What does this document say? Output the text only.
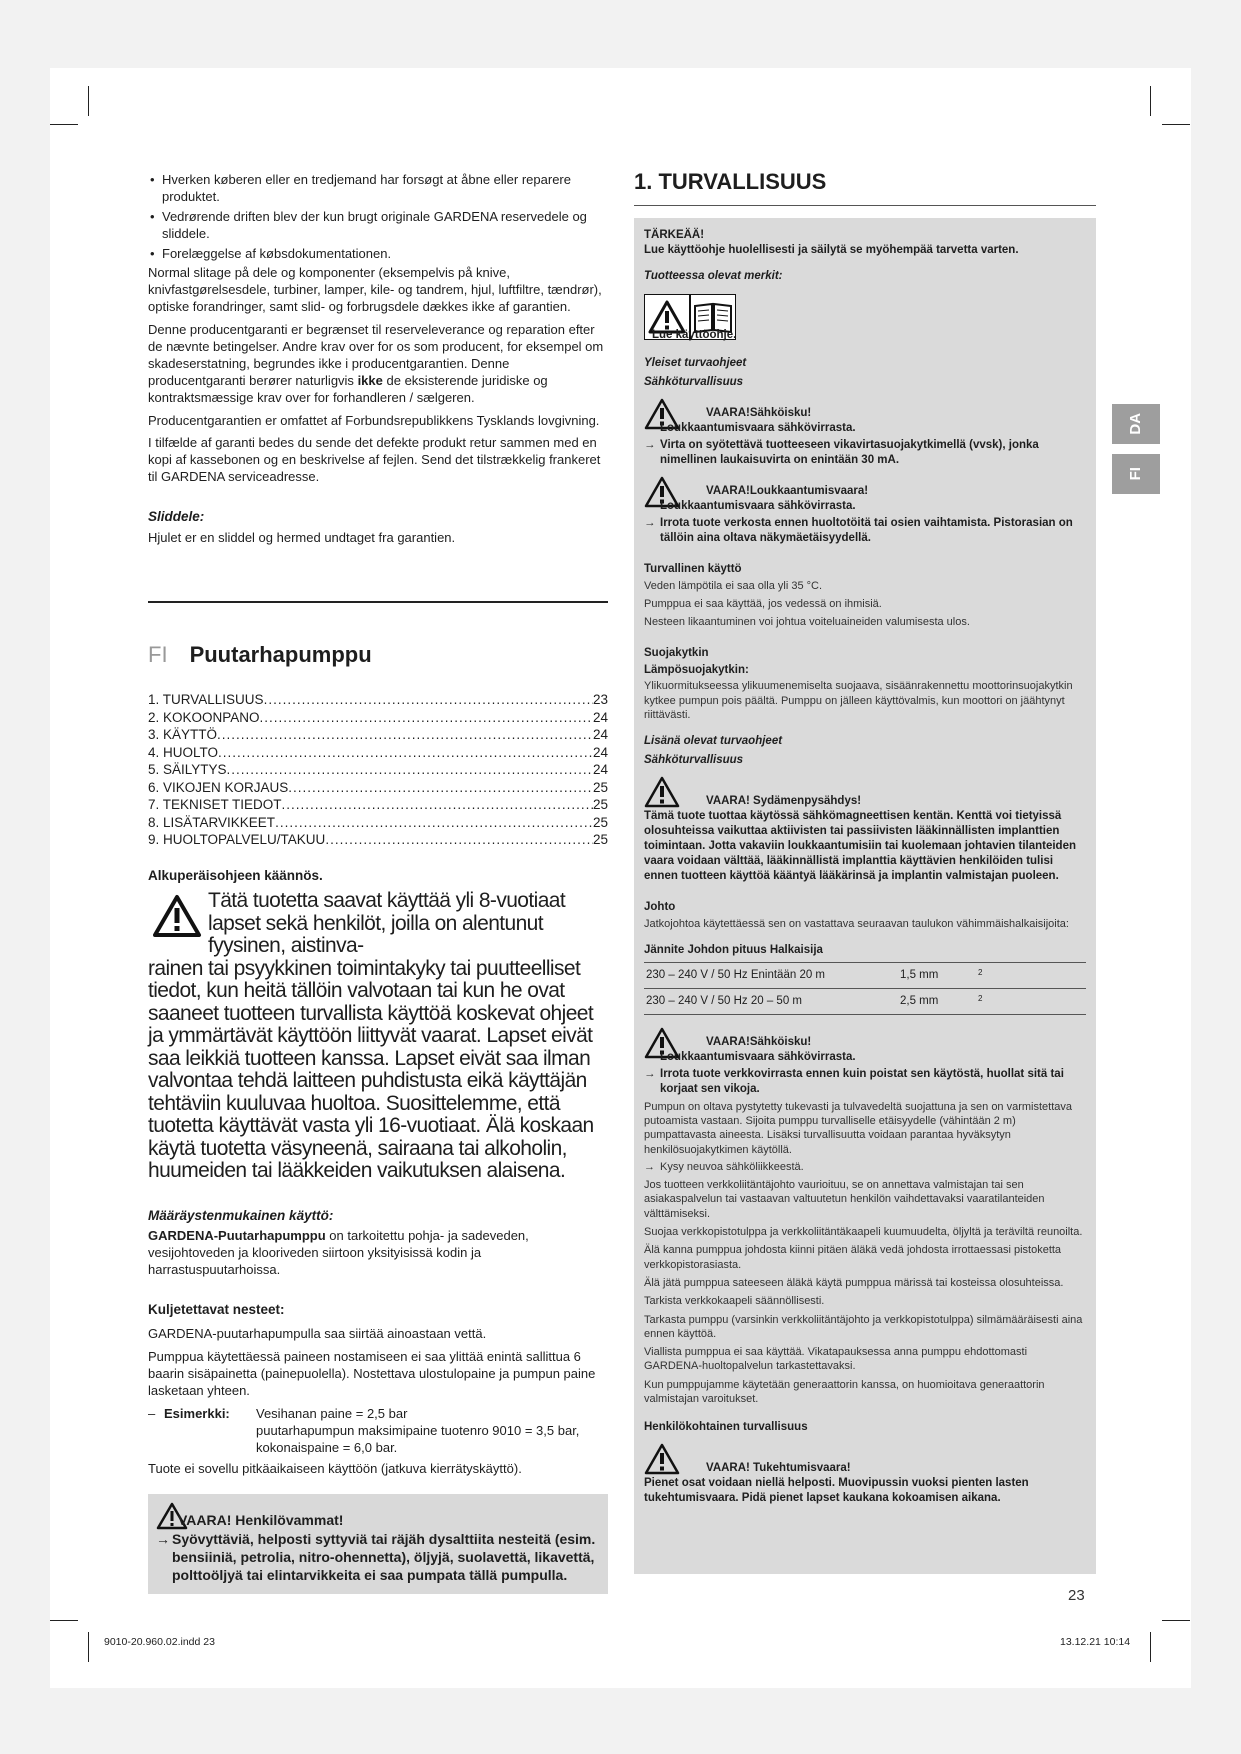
• Hverken køberen eller en tredjemand har forsøgt at åbne eller reparere produktet.
• Vedrørende driften blev der kun brugt originale GARDENA reservedele og sliddele.
• Forelæggelse af købsdokumentationen.

Normal slitage på dele og komponenter (eksempelvis på knive, knivfastgørelsesdele, turbiner, lamper, kile- og tandrem, hjul, luftfiltre, tændrør), optiske forandringer, samt slid- og forbrugsdele dækkes ikke af garantien.

Denne producentgaranti er begrænset til reserveleverance og reparation efter de nævnte betingelser. Andre krav over for os som producent, for eksempel om skadeserstatning, begrundes ikke i producentgarantien. Denne producentgaranti berører naturligvis ikke de eksisterende juridiske og kontraktsmæssige krav over for forhandleren / sælgeren.

Producentgarantien er omfattet af Forbundsrepublikkens Tysklands lovgivning.

I tilfælde af garanti bedes du sende det defekte produkt retur sammen med en kopi af kassebonen og en beskrivelse af fejlen. Send det tilstrækkelig frankeret til GARDENA serviceadresse.

Sliddele:

Hjulet er en sliddel og hermed undtaget fra garantien.

FI Puutarhapumppu
1. TURVALLISUUS .....	23
2. KOKOONPANO .....	24
3. KÄYTTÖ .....	24
4. HUOLTO .....	24
5. SÄILYTYS .....	24
6. VIKOJEN KORJAUS .....	25
7. TEKNISET TIEDOT .....	25
8. LISÄTARVIKKEET .....	25
9. HUOLTOPALVELU/TAKUU .....	25
Alkuperäisohjeen käännös.
Tätä tuotetta saavat käyttää yli 8-vuotiaat lapset sekä henkilöt, joilla on alentunut fyysinen, aistinva-
rainen tai psyykkinen toimintakyky tai puutteelliset tiedot, kun heitä tällöin valvotaan tai kun he ovat saaneet tuotteen turvallista käyttöä koskevat ohjeet ja ymmärtävät käyttöön liittyvät vaarat. Lapset eivät saa leikkiä tuotteen kanssa. Lapset eivät saa ilman valvontaa tehdä laitteen puhdistusta eikä käyttäjän tehtäviin kuuluvaa huoltoa. Suosittelemme, että tuotetta käyttävät vasta yli 16-vuotiaat. Älä koskaan käytä tuotetta väsyneenä, sairaana tai alkoholin, huumeiden tai lääkkeiden vaikutuksen alaisena.
Määräystenmukainen käyttö:

GARDENA-Puutarhapumppu on tarkoitettu pohja- ja sadeveden, vesijohtoveden ja klooriveden siirtoon yksityisissä kodin ja harrastuspuutarhoissa.

Kuljetettavat nesteet:

GARDENA-puutarhapumpulla saa siirtää ainoastaan vettä.

Pumppua käytettäessä paineen nostamiseen ei saa ylittää enintä sallittua 6 baarin sisäpainetta (painepuolella). Nostettava ulostulopaine ja pumpun paine lasketaan yhteen.

– Esimerkki:	Vesihanan paine = 2,5 bar
puutarhapumpun maksimipaine tuotenro 9010 = 3,5 bar,
kokonaispaine = 6,0 bar.

Tuote ei sovellu pitkäaikaiseen käyttöön (jatkuva kierrätyskäyttö).

VAARA! Henkilövammat!
→ Syövyttäviä, helposti syttyviä tai räjäh dysalttiita nesteitä (esim. bensiiniä, petrolia, nitro-ohennetta), öljyjä, suolavettä, likavettä, polttoöljyä tai elintarvikkeita ei saa pumpata tällä pumpulla.
1. TURVALLISUUS
TÄRKEÄÄ!
Lue käyttöohje huolellisesti ja säilytä se myöhempää tarvetta varten.
Tuotteessa olevat merkit:
Lue käyttöohje.
Yleiset turvaohjeet
Sähköturvallisuus
VAARA!Sähköisku!
Loukkaantumisvaara sähkövirrasta.
→ Virta on syötettävä tuotteeseen vikavirtasuojakytkimellä (vvsk), jonka nimellinen laukaisuvirta on enintään 30 mA.
VAARA!Loukkaantumisvaara!
Loukkaantumisvaara sähkövirrasta.
→ Irrota tuote verkosta ennen huoltotöitä tai osien vaihtamista. Pistorasian on tällöin aina oltava näkymäetäisyydellä.
Turvallinen käyttö
Veden lämpötila ei saa olla yli 35 °C.
Pumppua ei saa käyttää, jos vedessä on ihmisiä.
Nesteen likaantuminen voi johtua voiteluaineiden valumisesta ulos.
Suojakytkin
Lämpösuojakytkin:
Ylikuormitukseessa ylikuumenemiselta suojaava, sisäänrakennettu moottorinsuojakytkin kytkee pumpun pois päältä. Pumppu on jälleen käyttövalmis, kun moottori on jäähtynyt riittävästi.
Lisänä olevat turvaohjeet
Sähköturvallisuus
VAARA! Sydämenpysähdys!
Tämä tuote tuottaa käytössä sähkömagneettisen kentän. Kenttä voi tietyissä olosuhteissa vaikuttaa aktiivisten tai passiivisten lääkinnällisten implanttien toimintaan. Jotta vakaviin loukkaantumisiin tai kuolemaan johtavien tilanteiden vaara voidaan välttää, lääkinnällistä implanttia käyttävien henkilöiden tulisi ennen tuotteen käyttöä kääntyä lääkärinsä ja implantin valmistajan puoleen.
Johto
Jatkojohtoa käytettäessä sen on vastattava seuraavan taulukon vähimmäishalkaisijoita:
Jännite Johdon pituus Halkaisija
230 – 240 V / 50 Hz Enintään 20 m	1,5 mm	2
230 – 240 V / 50 Hz 20 – 50 m	2,5 mm	2
VAARA!Sähköisku!
Loukkaantumisvaara sähkövirrasta.
→ Irrota tuote verkkovirrasta ennen kuin poistat sen käytöstä, huollat sitä tai korjaat sen vikoja.
Pumpun on oltava pystytetty tukevasti ja tulvavedeltä suojattuna ja sen on varmistettava putoamista vastaan. Sijoita pumppu turvalliselle etäisyydelle (vähintään 2 m) pumpattavasta aineesta. Lisäksi turvallisuutta voidaan parantaa hyväksytyn henkilösuojakytkimen käytöllä.
→ Kysy neuvoa sähköliikkeestä.
Jos tuotteen verkkoliitäntäjohto vaurioituu, se on annettava valmistajan tai sen asiakaspalvelun tai vastaavan valtuutetun henkilön vaihdettavaksi vaaratilanteiden välttämiseksi.
Suojaa verkkopistotulppa ja verkkoliitäntäkaapeli kuumuudelta, öljyltä ja teräviltä reunoilta.
Älä kanna pumppua johdosta kiinni pitäen äläkä vedä johdosta irrottaessasi pistoketta verkkopistorasiasta.
Älä jätä pumppua sateeseen äläkä käytä pumppua märissä tai kosteissa olosuhteissa.
Tarkista verkkokaapeli säännöllisesti.
Tarkasta pumppu (varsinkin verkkoliitäntäjohto ja verkkopistotulppa) silmämääräisesti aina ennen käyttöä.
Viallista pumppua ei saa käyttää. Vikatapauksessa anna pumppu ehdottomasti GARDENA-huoltopalvelun tarkastettavaksi.
Kun pumppujamme käytetään generaattorin kanssa, on huomioitava generaattorin valmistajan varoitukset.
Henkilökohtainen turvallisuus
VAARA! Tukehtumisvaara!
Pienet osat voidaan niellä helposti. Muovipussin vuoksi pienten lasten tukehtumisvaara. Pidä pienet lapset kaukana kokoamisen aikana.
DA
FI
23
9010-20.960.02.indd 23	13.12.21 10:14
